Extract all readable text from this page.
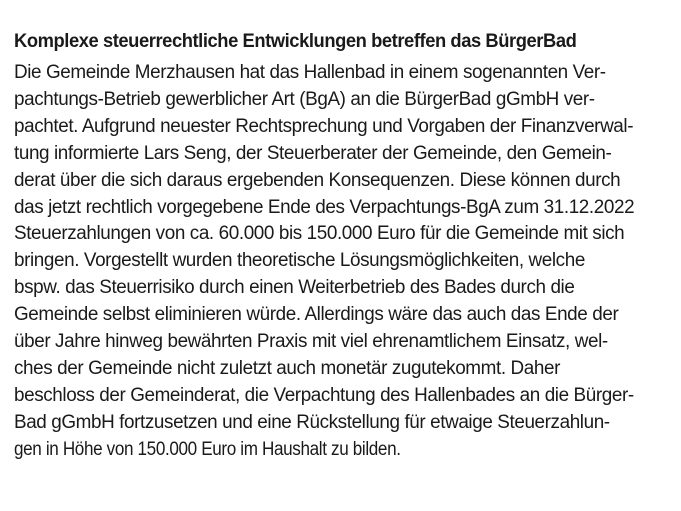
Komplexe steuerrechtliche Entwicklungen betreffen das BürgerBad

Die Gemeinde Merzhausen hat das Hallenbad in einem sogenannten Ver-
pachtungs-Betrieb gewerblicher Art (BgA) an die BürgerBad gGmbH ver-
pachtet. Aufgrund neuester Rechtsprechung und Vorgaben der Finanzverwal-
tung informierte Lars Seng, der Steuerberater der Gemeinde, den Gemein-
derat über die sich daraus ergebenden Konsequenzen. Diese können durch
das jetzt rechtlich vorgegebene Ende des Verpachtungs-BgA zum 31.12.2022
Steuerzahlungen von ca. 60.000 bis 150.000 Euro für die Gemeinde mit sich
bringen. Vorgestellt wurden theoretische Lösungsmöglichkeiten, welche
bspw. das Steuerrisiko durch einen Weiterbetrieb des Bades durch die
Gemeinde selbst eliminieren würde. Allerdings wäre das auch das Ende der
über Jahre hinweg bewährten Praxis mit viel ehrenamtlichem Einsatz, wel-
ches der Gemeinde nicht zuletzt auch monetär zugutekommt. Daher
beschloss der Gemeinderat, die Verpachtung des Hallenbades an die Bürger-
Bad gGmbH fortzusetzen und eine Rückstellung für etwaige Steuerzahlun-
gen in Höhe von 150.000 Euro im Haushalt zu bilden.
